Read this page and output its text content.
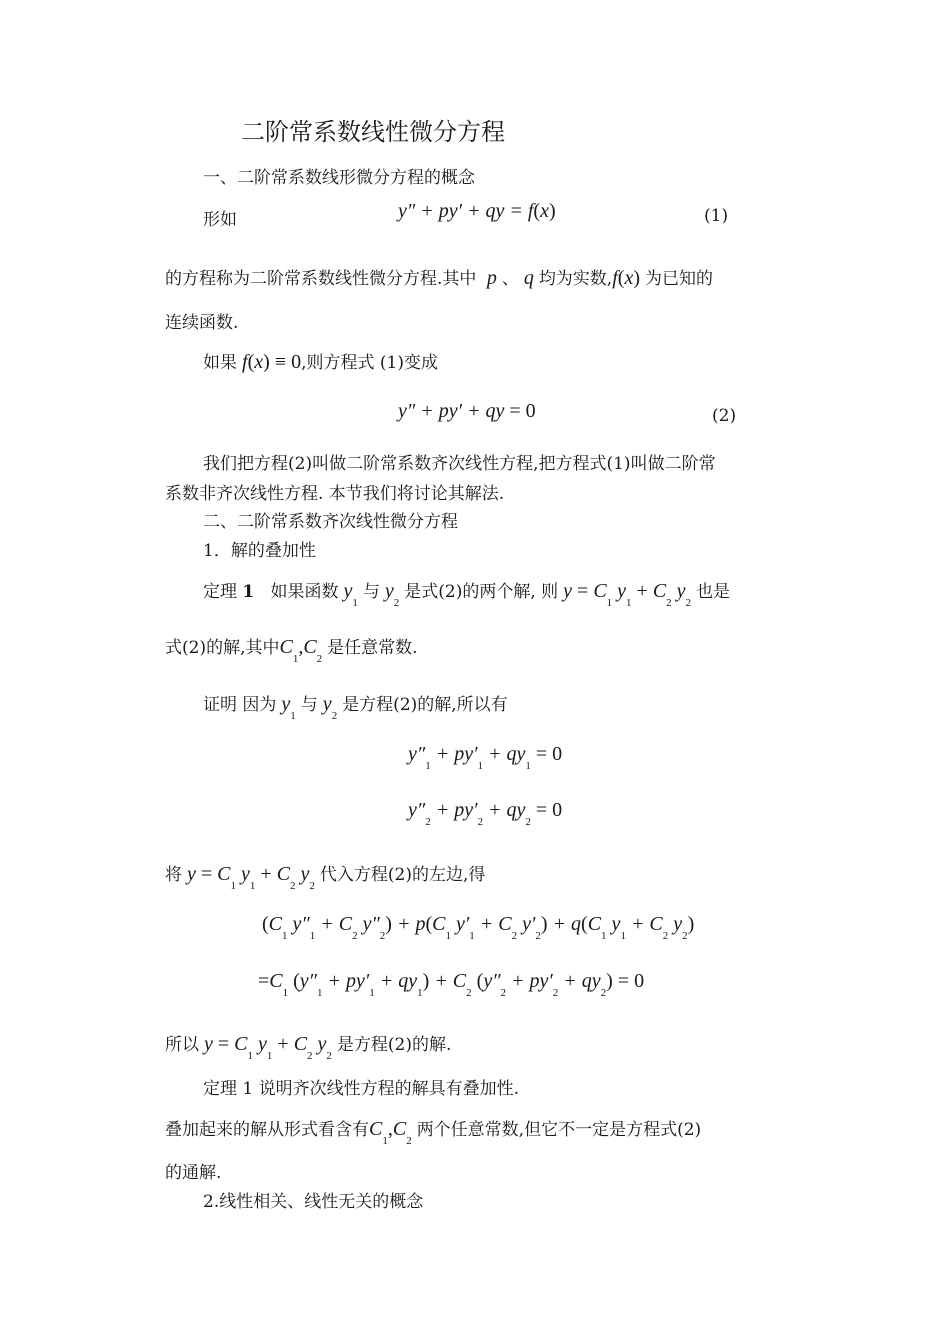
二阶常系数线性微分方程
一、二阶常系数线形微分方程的概念
形如	y″ + py′ + qy = f(x)	(1)
的方程称为二阶常系数线性微分方程.其中  p 、 q 均为实数,f(x) 为已知的
连续函数.
如果 f(x) ≡ 0,则方程式 (1)变成
y″ + py′ + qy = 0	(2)
我们把方程(2)叫做二阶常系数齐次线性方程,把方程式(1)叫做二阶常
系数非齐次线性方程. 本节我们将讨论其解法.
二、二阶常系数齐次线性微分方程
1．解的叠加性
定理 1 如果函数 $y_1$ 与 $y_2$ 是式(2)的两个解, 则 $y = C_1$ $y_1 + C_2$ $y_2$ 也是
式(2)的解,其中$C_1,C_2$ 是任意常数.
证明 因为 $y_1$ 与 $y_2$ 是方程(2)的解,所以有
$y''_1 + py'_1 + qy_1 = 0$
$y''_2 + py'_2 + qy_2 = 0$
将 $y = C_1$ $y_1 + C_2$ $y_2$ 代入方程(2)的左边,得
($C_1$ $y''_1 + C_2$ $y''_2) + p(C_1$ $y'_1 + C_2$ $y'_2) + q(C_1$ $y_1 + C_2$ $y_2$)
$=C_1$ $(y''_1 + py'_1 + qy_1) + C_2$ $(y''_2 + py'_2 + qy_2) = 0$
所以 $y = C_1$ $y_1 + C_2$ $y_2$ 是方程(2)的解.
定理 1 说明齐次线性方程的解具有叠加性.
叠加起来的解从形式看含有$C_1,C_2$ 两个任意常数,但它不一定是方程式(2)
的通解.
2.线性相关、线性无关的概念
